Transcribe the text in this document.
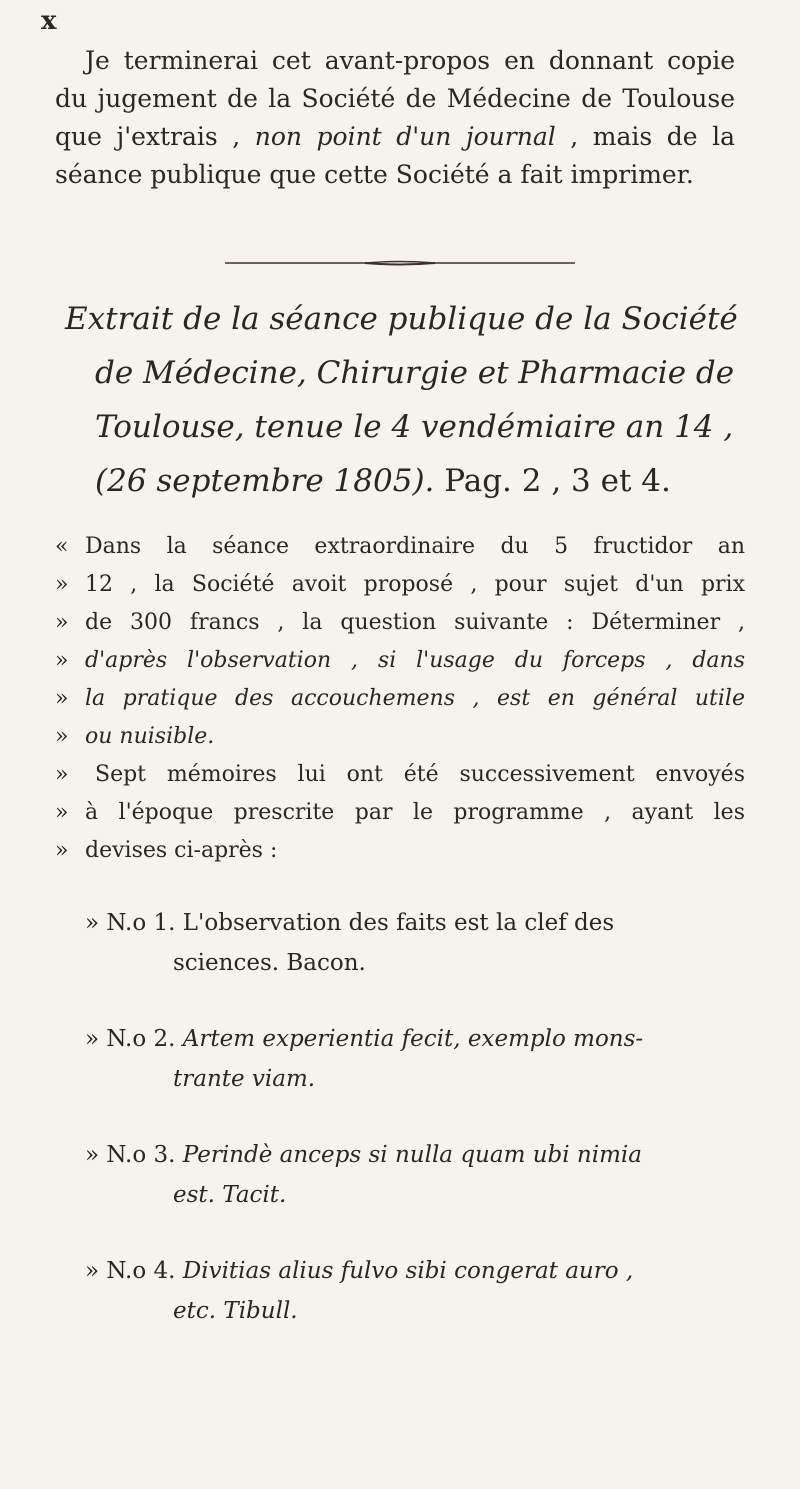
x

Je terminerai cet avant-propos en donnant copie du jugement de la Société de Médecine de Toulouse que j'extrais , non point d'un journal , mais de la séance publique que cette Société a fait imprimer.

Extrait de la séance publique de la Société de Médecine, Chirurgie et Pharmacie de Toulouse, tenue le 4 vendémiaire an 14 , (26 septembre 1805). Pag. 2 , 3 et 4.
« Dans la séance extraordinaire du 5 fructidor an
» 12 , la Société avoit proposé , pour sujet d'un prix
» de 300 francs , la question suivante : Déterminer ,
» d'après l'observation , si l'usage du forceps , dans
» la pratique des accouchemens , est en général utile
» ou nuisible.
»	Sept mémoires lui ont été successivement envoyés
» à l'époque prescrite par le programme , ayant les
» devises ci-après :
» N.o 1. L'observation des faits est la clef des
sciences. Bacon.
» N.o 2. Artem experientia fecit, exemplo mons-
trante viam.
» N.o 3. Perindè anceps si nulla quam ubi nimia
est. Tacit.
» N.o 4. Divitias alius fulvo sibi congerat auro ,
etc. Tibull.
